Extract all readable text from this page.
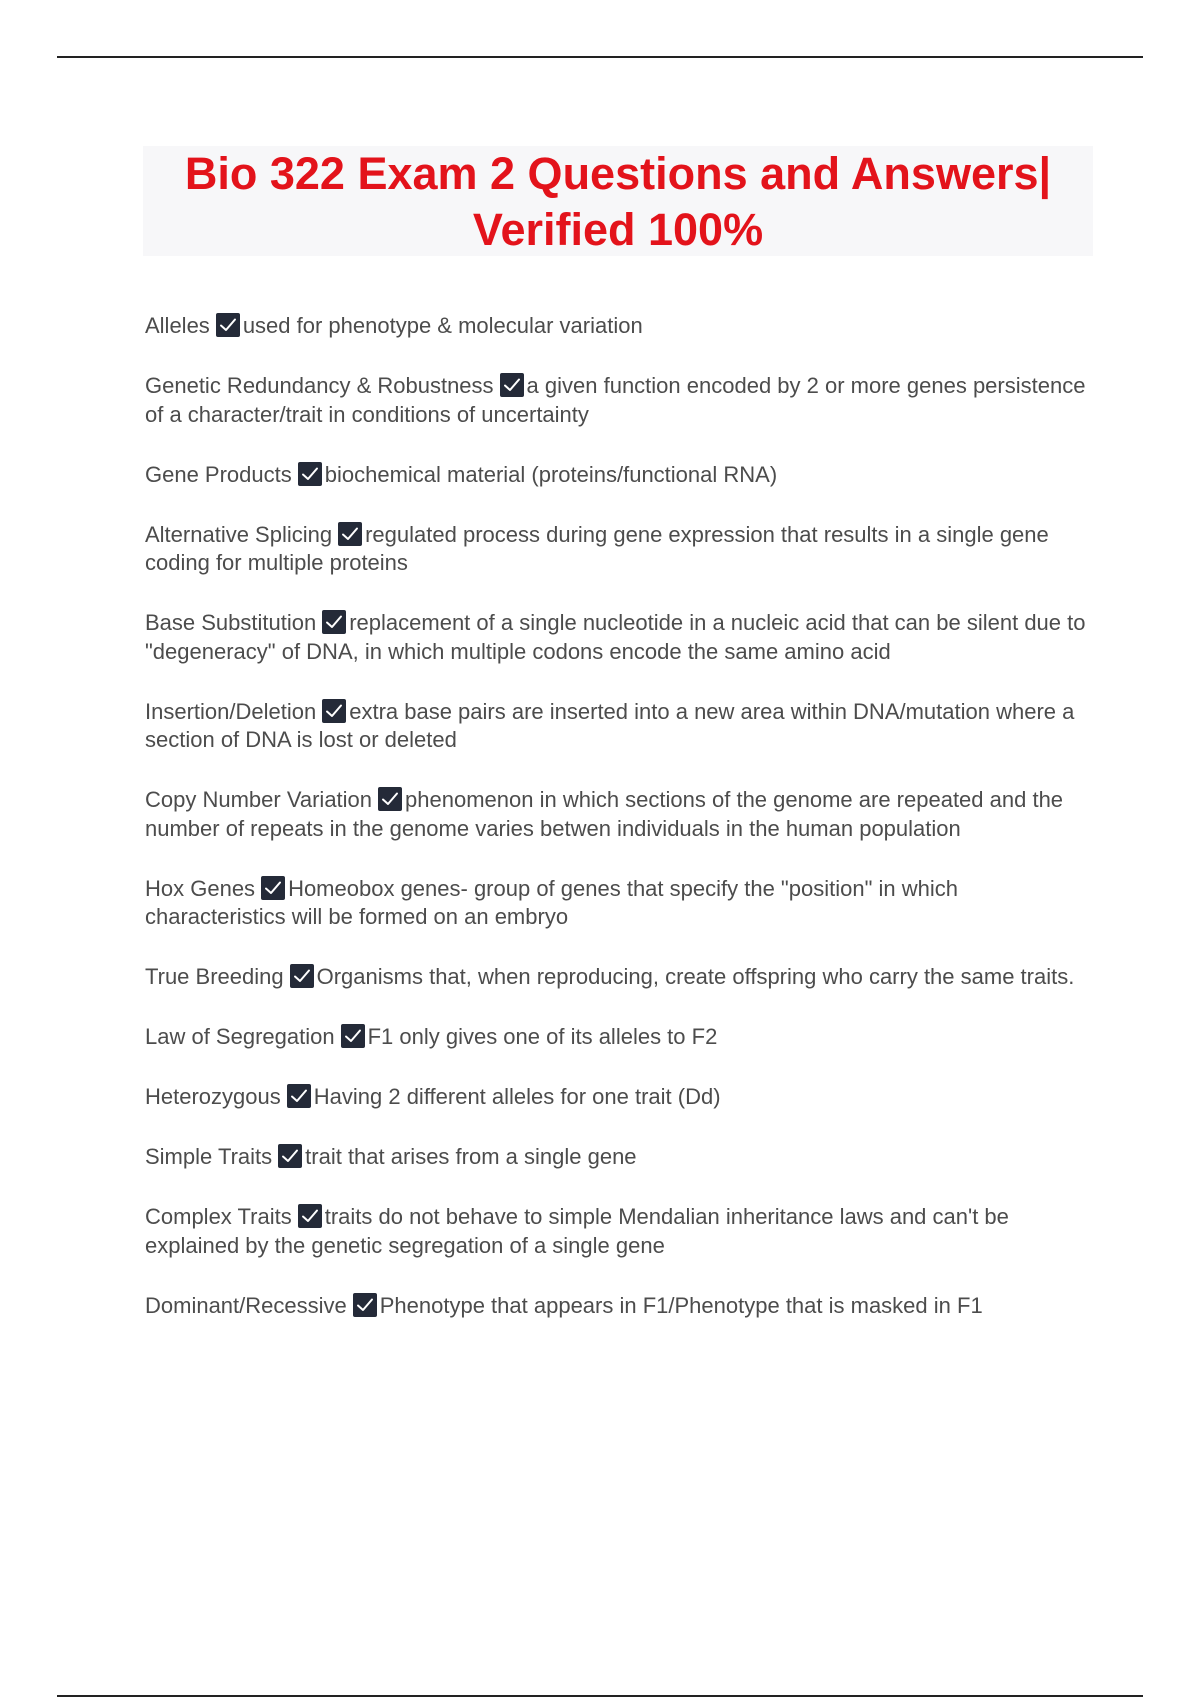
Bio 322 Exam 2 Questions and Answers|

Verified 100%

Alleles used for phenotype & molecular variation
Genetic Redundancy & Robustness a given function encoded by 2 or more genes persistence of a character/trait in conditions of uncertainty
Gene Products biochemical material (proteins/functional RNA)
Alternative Splicing regulated process during gene expression that results in a single gene coding for multiple proteins
Base Substitution replacement of a single nucleotide in a nucleic acid that can be silent due to "degeneracy" of DNA, in which multiple codons encode the same amino acid
Insertion/Deletion extra base pairs are inserted into a new area within DNA/mutation where a section of DNA is lost or deleted
Copy Number Variation phenomenon in which sections of the genome are repeated and the number of repeats in the genome varies betwen individuals in the human population
Hox Genes Homeobox genes- group of genes that specify the "position" in which characteristics will be formed on an embryo
True Breeding Organisms that, when reproducing, create offspring who carry the same traits.
Law of Segregation F1 only gives one of its alleles to F2
Heterozygous Having 2 different alleles for one trait (Dd)
Simple Traits trait that arises from a single gene
Complex Traits traits do not behave to simple Mendalian inheritance laws and can't be explained by the genetic segregation of a single gene
Dominant/Recessive Phenotype that appears in F1/Phenotype that is masked in F1
